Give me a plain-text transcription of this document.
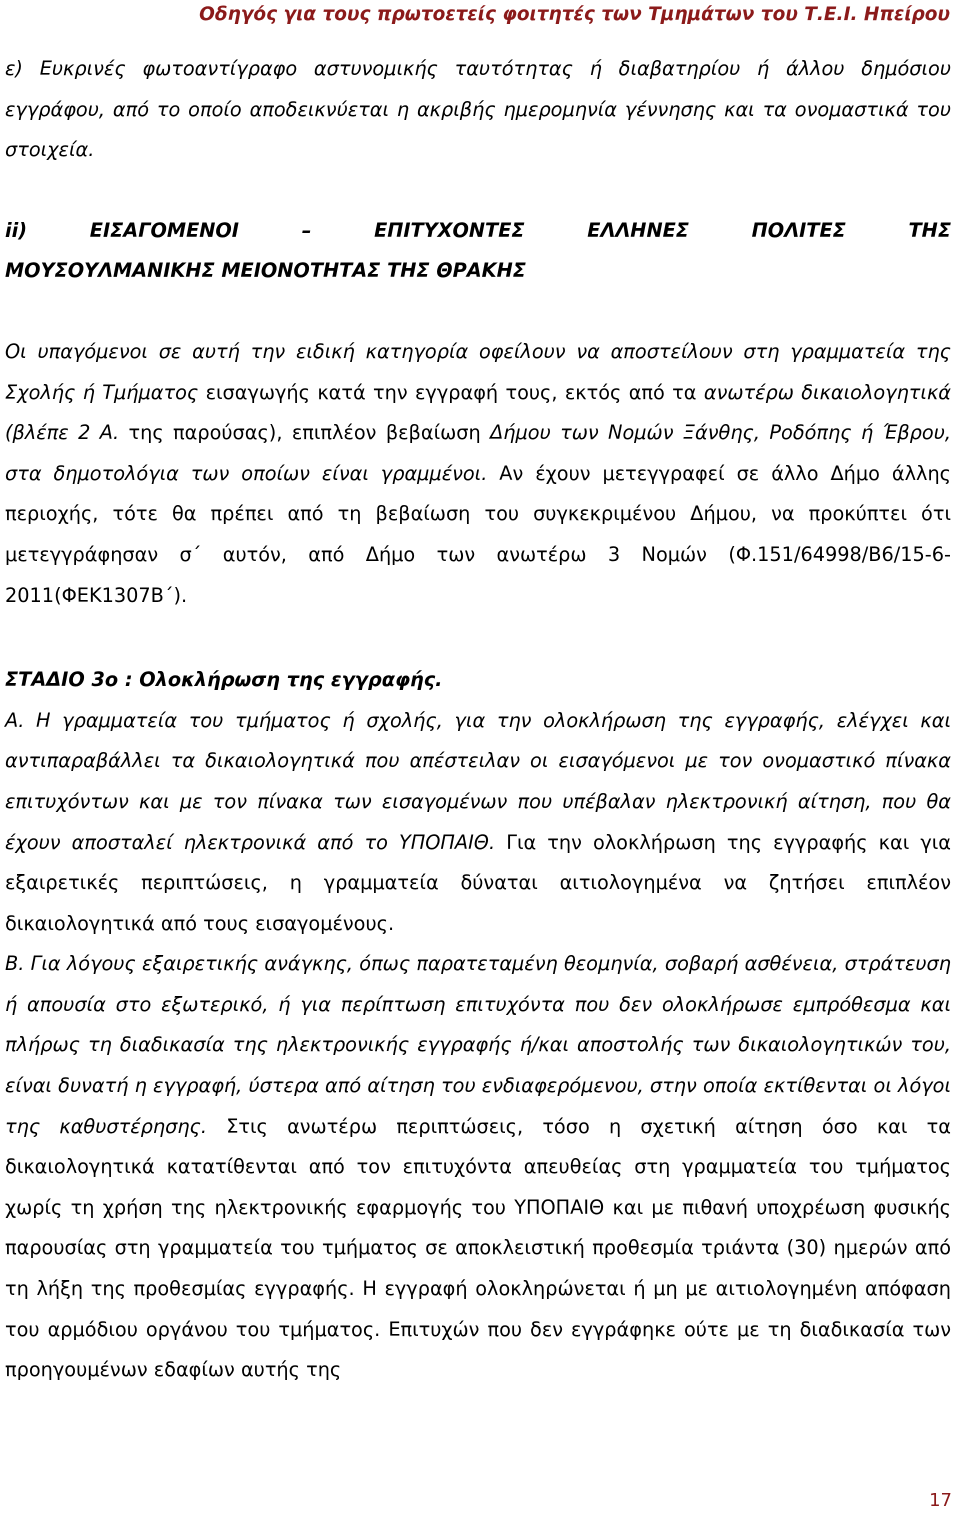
Οδηγός για τους πρωτοετείς φοιτητές των Τμημάτων του Τ.Ε.Ι. Ηπείρου

ε) Ευκρινές φωτοαντίγραφο αστυνομικής ταυτότητας ή διαβατηρίου ή άλλου δημόσιου εγγράφου, από το οποίο αποδεικνύεται η ακριβής ημερομηνία γέννησης και τα ονομαστικά του στοιχεία.

ii) ΕΙΣΑΓΟΜΕΝΟΙ – ΕΠΙΤΥΧΟΝΤΕΣ ΕΛΛΗΝΕΣ ΠΟΛΙΤΕΣ ΤΗΣ
ΜΟΥΣΟΥΛΜΑΝΙΚΗΣ ΜΕΙΟΝΟΤΗΤΑΣ ΤΗΣ ΘΡΑΚΗΣ

Οι υπαγόμενοι σε αυτή την ειδική κατηγορία οφείλουν να αποστείλουν στη γραμματεία της Σχολής ή Τμήματος εισαγωγής κατά την εγγραφή τους, εκτός από τα ανωτέρω δικαιολογητικά (βλέπε 2 Α. της παρούσας), επιπλέον βεβαίωση Δήμου των Νομών Ξάνθης, Ροδόπης ή Έβρου, στα δημοτολόγια των οποίων είναι γραμμένοι. Αν έχουν μετεγγραφεί σε άλλο Δήμο άλλης περιοχής, τότε θα πρέπει από τη βεβαίωση του συγκεκριμένου Δήμου, να προκύπτει ότι μετεγγράφησαν σ΄ αυτόν, από Δήμο των ανωτέρω 3 Νομών (Φ.151/64998/Β6/15-6-2011(ΦΕΚ1307Β΄).

ΣΤΑΔΙΟ 3ο : Ολοκλήρωση της εγγραφής.

Α. Η γραμματεία του τμήματος ή σχολής, για την ολοκλήρωση της εγγραφής, ελέγχει και αντιπαραβάλλει τα δικαιολογητικά που απέστειλαν οι εισαγόμενοι με τον ονομαστικό πίνακα επιτυχόντων και με τον πίνακα των εισαγομένων που υπέβαλαν ηλεκτρονική αίτηση, που θα έχουν αποσταλεί ηλεκτρονικά από το ΥΠΟΠΑΙΘ. Για την ολοκλήρωση της εγγραφής και για εξαιρετικές περιπτώσεις, η γραμματεία δύναται αιτιολογημένα να ζητήσει επιπλέον δικαιολογητικά από τους εισαγομένους.

Β. Για λόγους εξαιρετικής ανάγκης, όπως παρατεταμένη θεομηνία, σοβαρή ασθένεια, στράτευση ή απουσία στο εξωτερικό, ή για περίπτωση επιτυχόντα που δεν ολοκλήρωσε εμπρόθεσμα και πλήρως τη διαδικασία της ηλεκτρονικής εγγραφής ή/και αποστολής των δικαιολογητικών του, είναι δυνατή η εγγραφή, ύστερα από αίτηση του ενδιαφερόμενου, στην οποία εκτίθενται οι λόγοι της καθυστέρησης. Στις ανωτέρω περιπτώσεις, τόσο η σχετική αίτηση όσο και τα δικαιολογητικά κατατίθενται από τον επιτυχόντα απευθείας στη γραμματεία του τμήματος χωρίς τη χρήση της ηλεκτρονικής εφαρμογής του ΥΠΟΠΑΙΘ και με πιθανή υποχρέωση φυσικής παρουσίας στη γραμματεία του τμήματος σε αποκλειστική προθεσμία τριάντα (30) ημερών από τη λήξη της προθεσμίας εγγραφής. Η εγγραφή ολοκληρώνεται ή μη με αιτιολογημένη απόφαση του αρμόδιου οργάνου του τμήματος. Επιτυχών που δεν εγγράφηκε ούτε με τη διαδικασία των προηγουμένων εδαφίων αυτής της

17
